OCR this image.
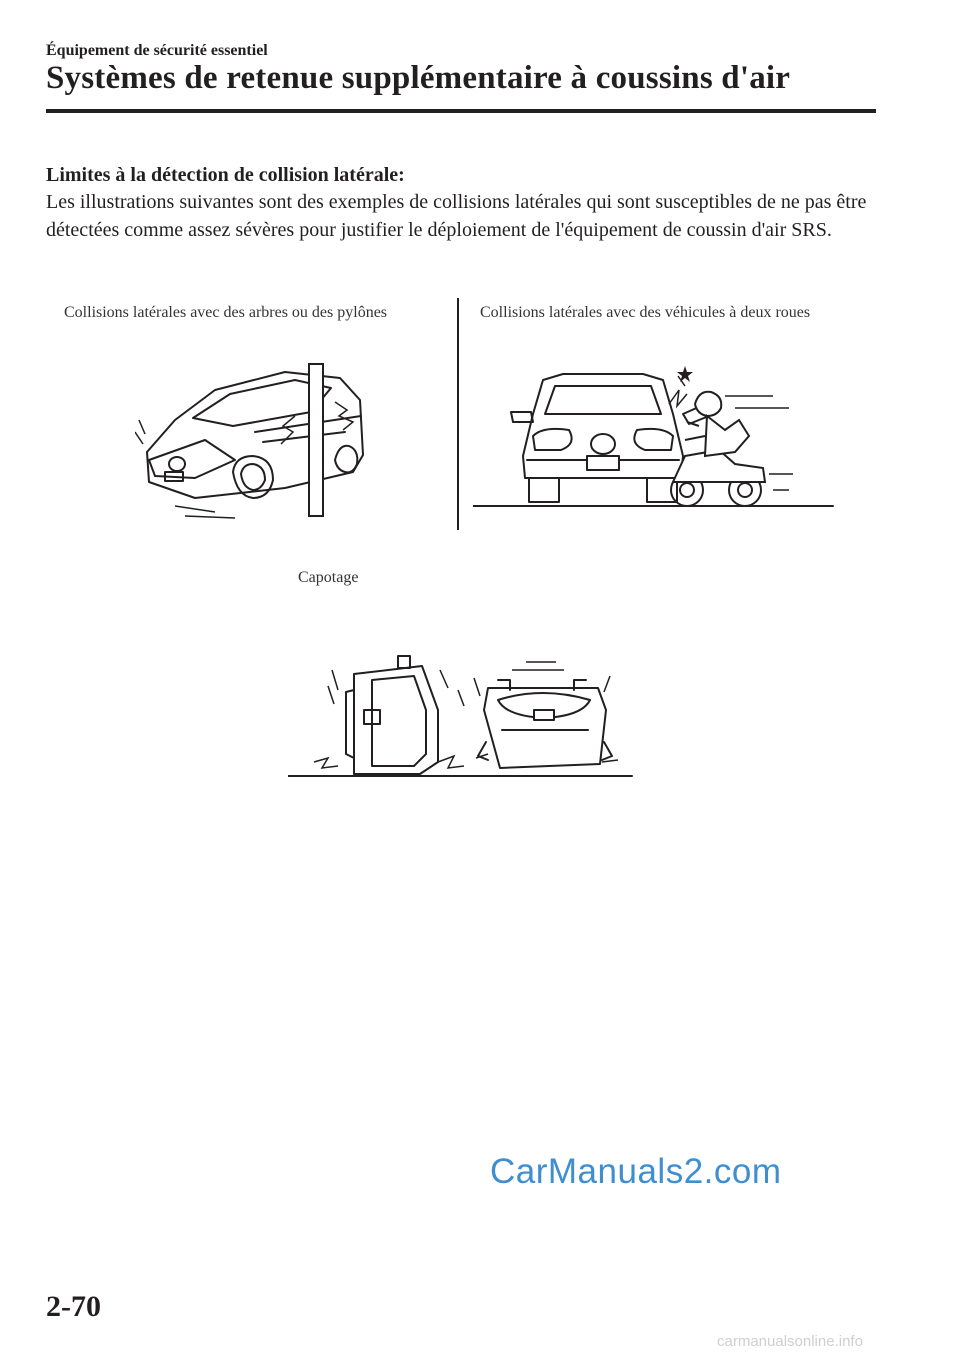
Équipement de sécurité essentiel

Systèmes de retenue supplémentaire à coussins d'air
Limites à la détection de collision latérale:

Les illustrations suivantes sont des exemples de collisions latérales qui sont susceptibles de ne pas être détectées comme assez sévères pour justifier le déploiement de l'équipement de coussin d'air SRS.

Collisions latérales avec des arbres ou des pylônes	Collisions latérales avec des véhicules à deux roues

Capotage

CarManuals2.com

2-70

carmanualsonline.info
